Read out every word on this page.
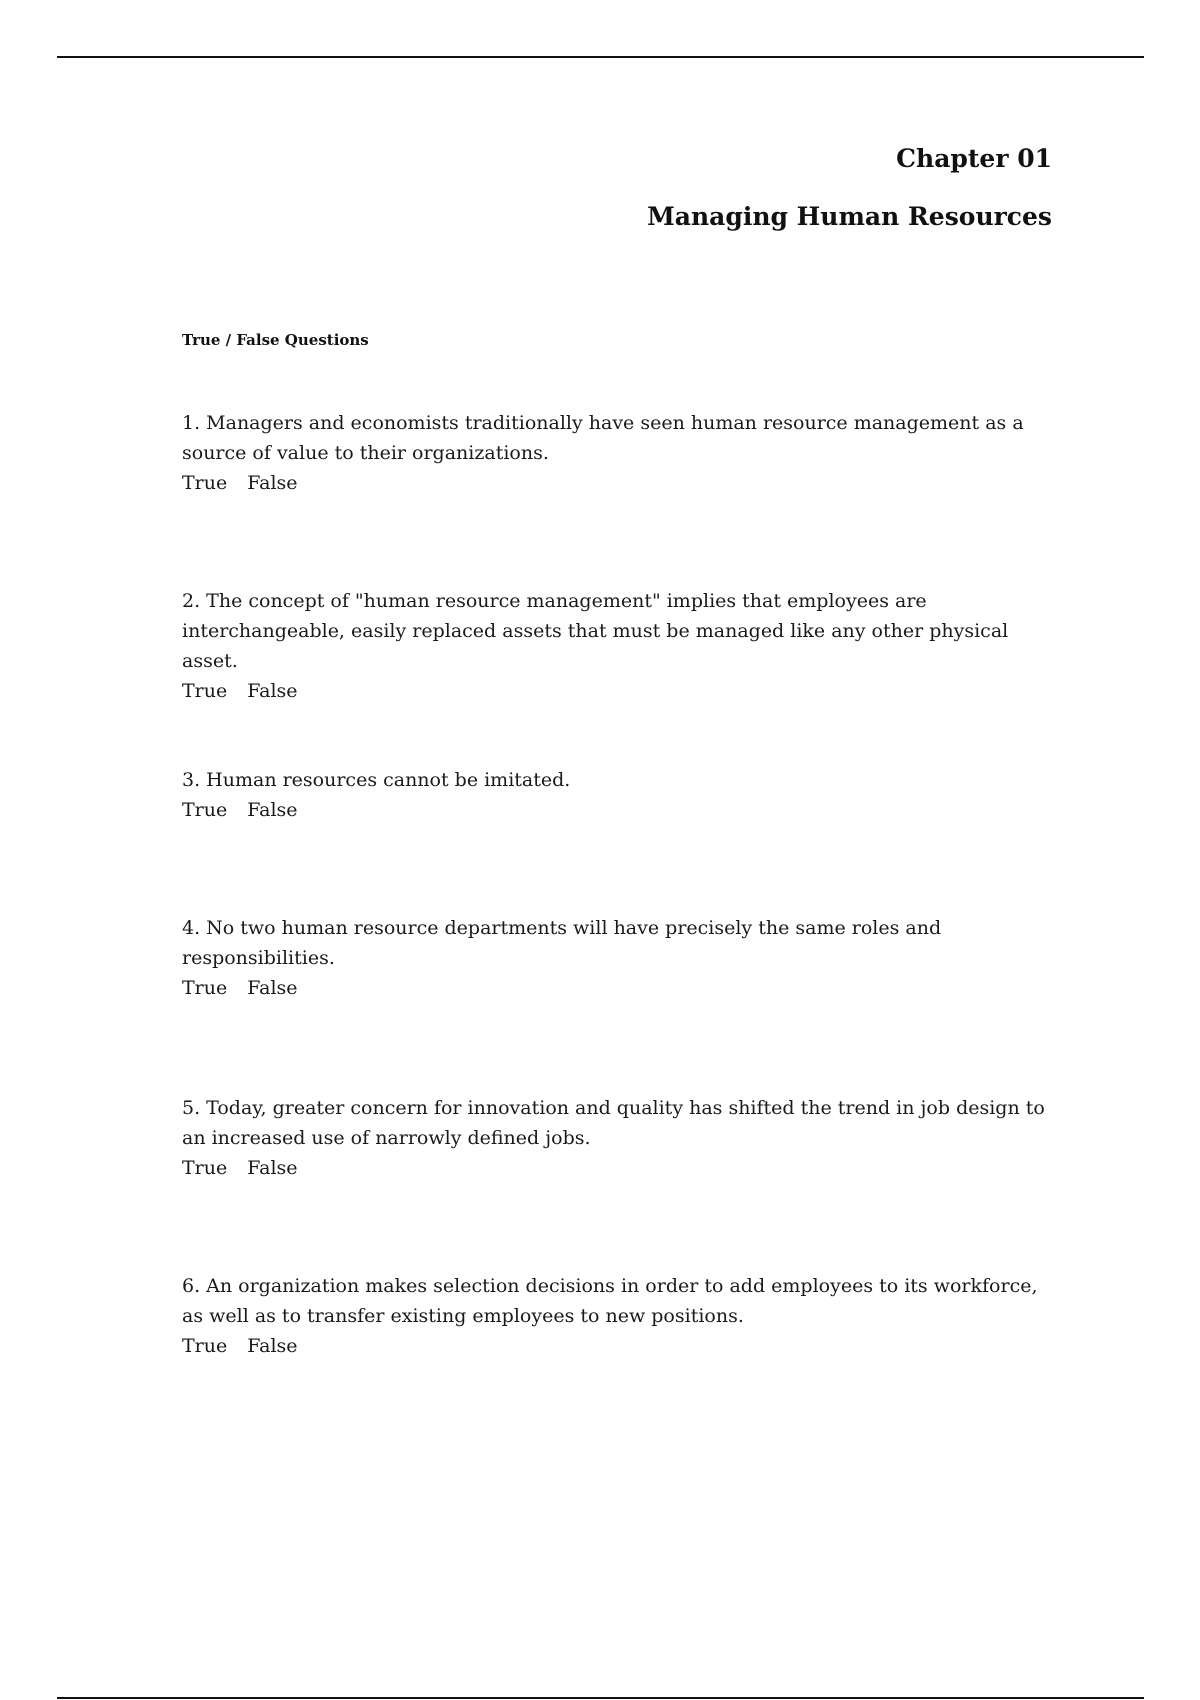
Chapter 01
Managing Human Resources
True / False Questions

1. Managers and economists traditionally have seen human resource management as a source of value to their organizations.

True False

2. The concept of "human resource management" implies that employees are interchangeable, easily replaced assets that must be managed like any other physical asset.

True False

3. Human resources cannot be imitated.

True False

4. No two human resource departments will have precisely the same roles and responsibilities.

True False

5. Today, greater concern for innovation and quality has shifted the trend in job design to an increased use of narrowly defined jobs.

True False

6. An organization makes selection decisions in order to add employees to its workforce, as well as to transfer existing employees to new positions.

True False
